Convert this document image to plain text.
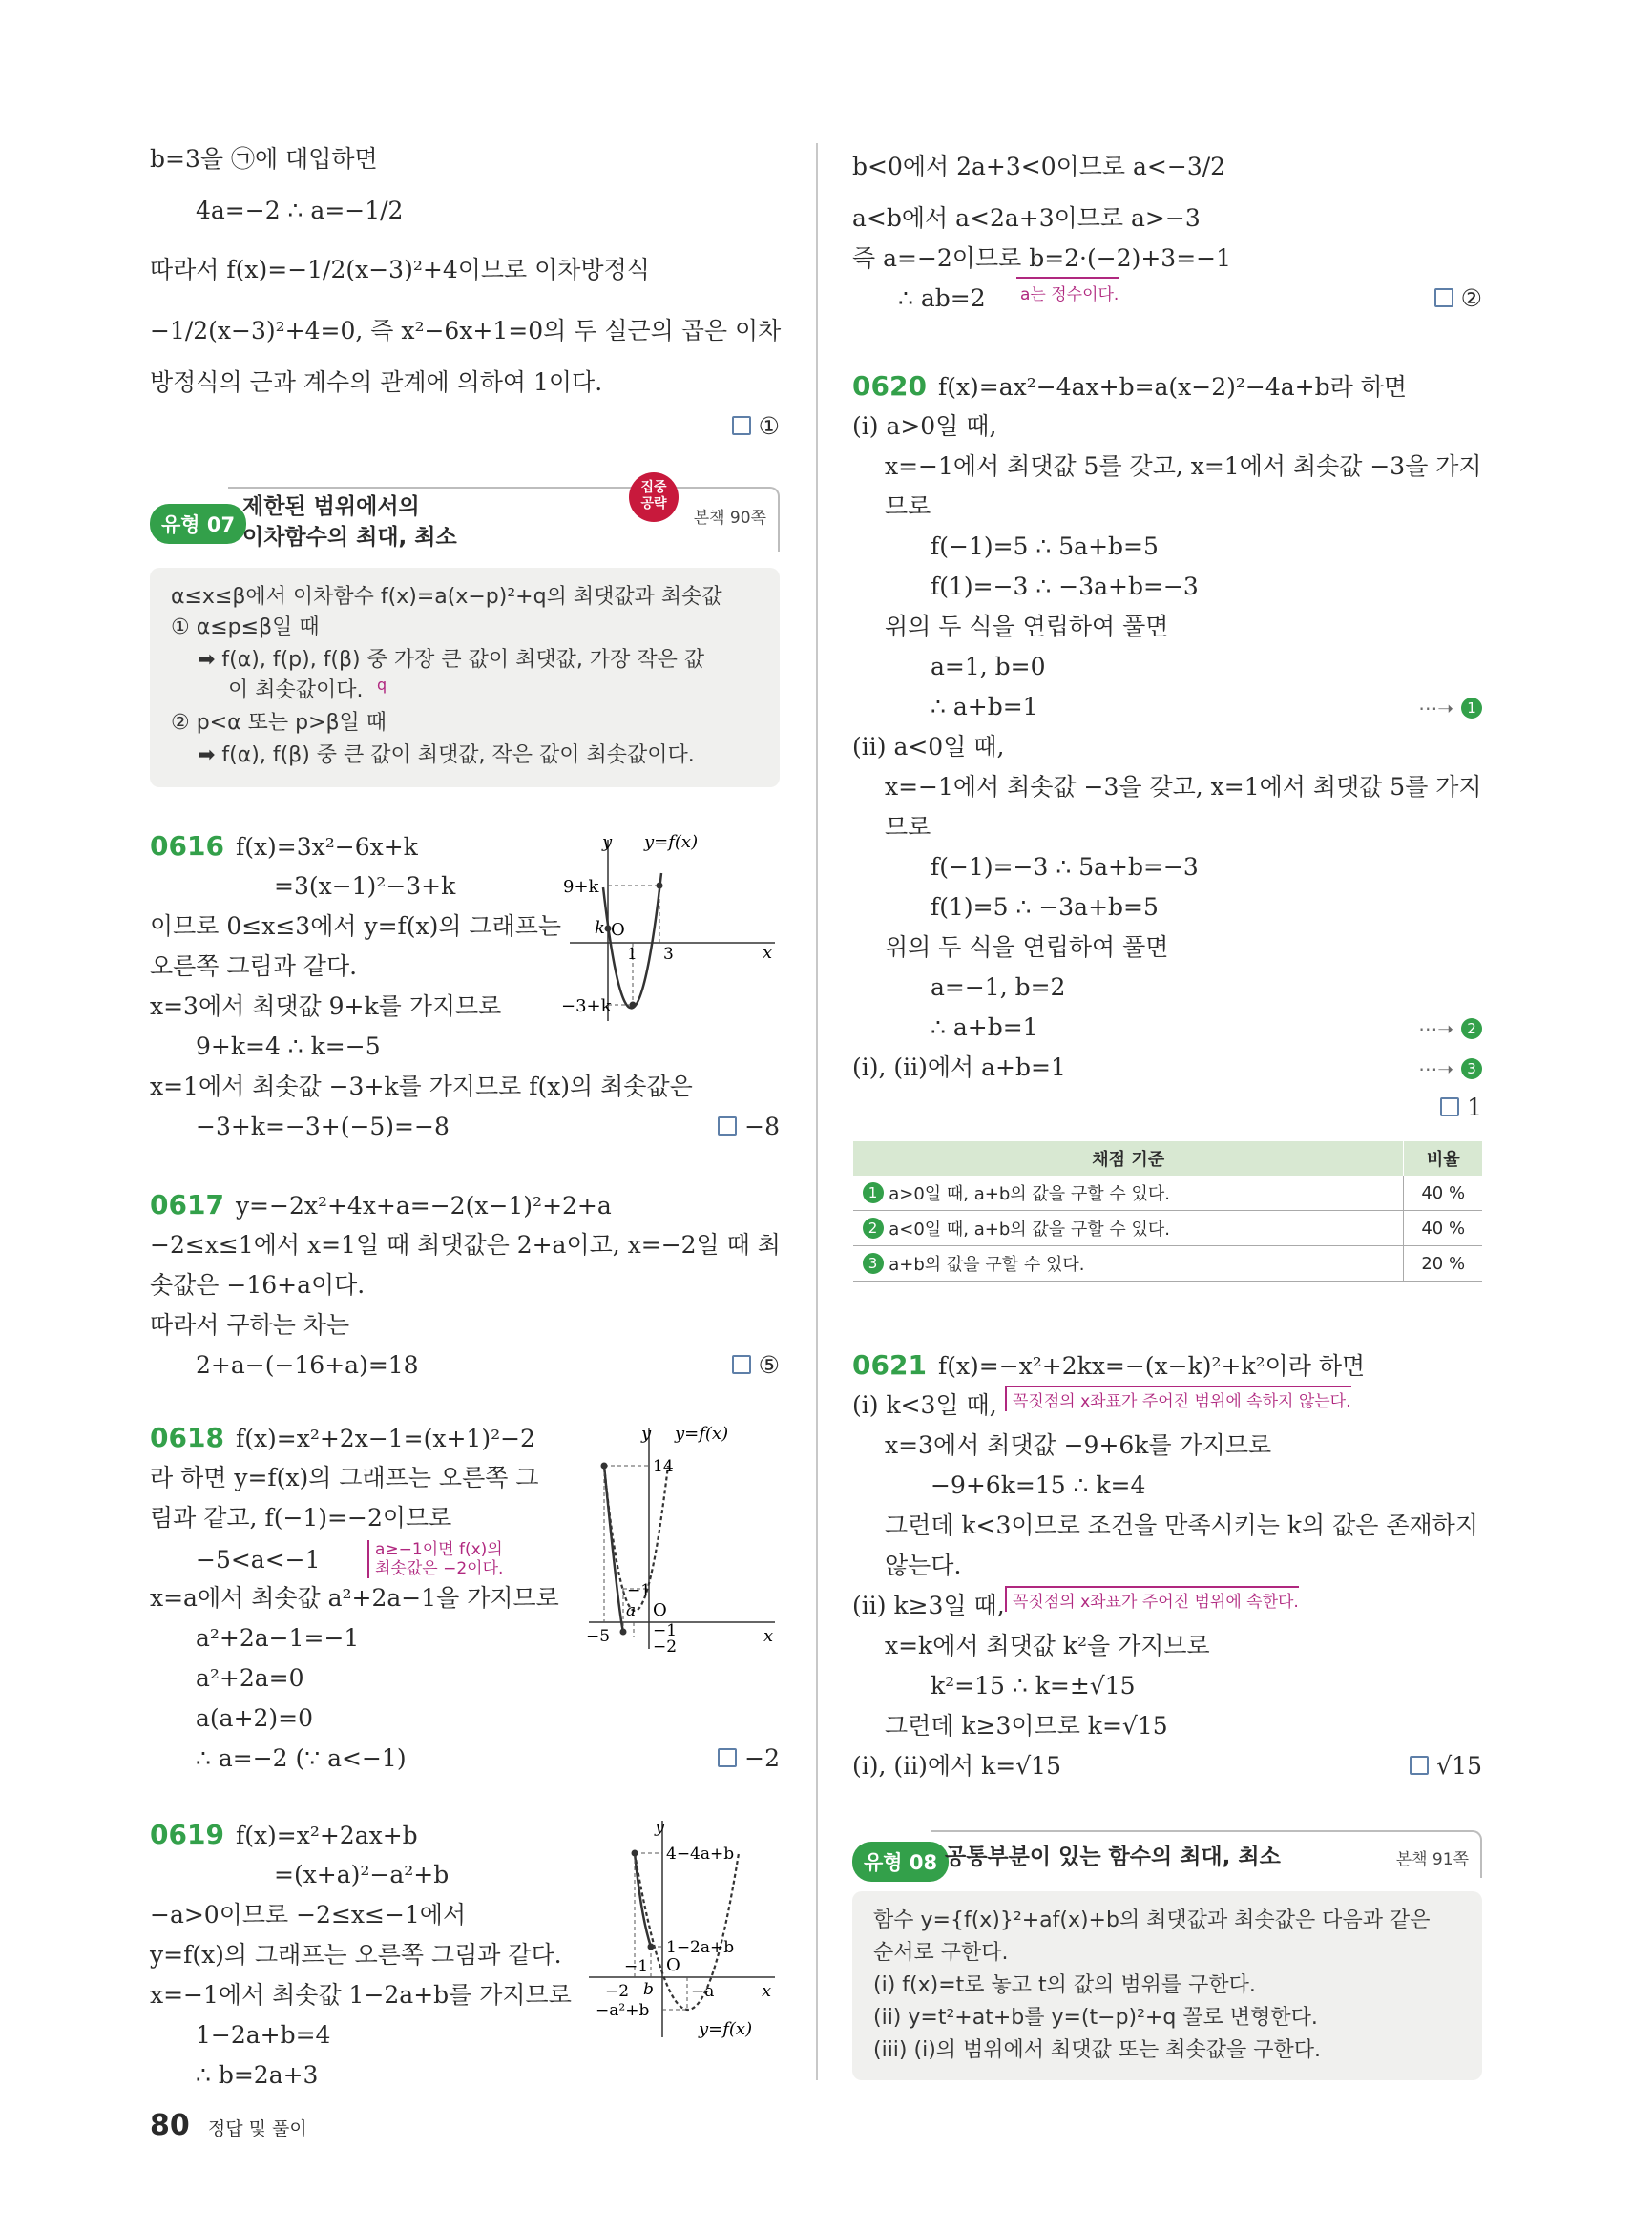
b=3을 ㉠에 대입하면
4a=−2 ∴ a=−1/2
따라서 f(x)=−1/2(x−3)²+4이므로 이차방정식
−1/2(x−3)²+4=0, 즉 x²−6x+1=0의 두 실근의 곱은 이차
방정식의 근과 계수의 관계에 의하여 1이다.
①
유형 07
제한된 범위에서의
이차함수의 최대, 최소
집중
공략
본책 90쪽
α≤x≤β에서 이차함수 f(x)=a(x−p)²+q의 최댓값과 최솟값
① α≤p≤β일 때
➡ f(α), f(p), f(β) 중 가장 큰 값이 최댓값, 가장 작은 값
이 최솟값이다. q
② p<α 또는 p>β일 때
➡ f(α), f(β) 중 큰 값이 최댓값, 작은 값이 최솟값이다.
0616 f(x)=3x²−6x+k
=3(x−1)²−3+k
이므로 0≤x≤3에서 y=f(x)의 그래프는
오른쪽 그림과 같다.
x=3에서 최댓값 9+k를 가지므로
9+k=4 ∴ k=−5
x=1에서 최솟값 −3+k를 가지므로 f(x)의 최솟값은
−3+k=−3+(−5)=−8	−8
y y=f(x)
x
O
9+k
k
−3+k
1 3
0617 y=−2x²+4x+a=−2(x−1)²+2+a
−2≤x≤1에서 x=1일 때 최댓값은 2+a이고, x=−2일 때 최
솟값은 −16+a이다.
따라서 구하는 차는
2+a−(−16+a)=18	⑤
0618 f(x)=x²+2x−1=(x+1)²−2
라 하면 y=f(x)의 그래프는 오른쪽 그
림과 같고, f(−1)=−2이므로
−5<a<−1	a≥−1이면 f(x)의
최솟값은 −2이다.
x=a에서 최솟값 a²+2a−1을 가지므로
a²+2a−1=−1
a²+2a=0
a(a+2)=0
∴ a=−2 (∵ a<−1)	−2
y y=f(x)
x
O
14
−1
−2
−5
a
−1
0619 f(x)=x²+2ax+b
=(x+a)²−a²+b
−a>0이므로 −2≤x≤−1에서
y=f(x)의 그래프는 오른쪽 그림과 같다.
x=−1에서 최솟값 1−2a+b를 가지므로
1−2a+b=4
∴ b=2a+3
y
y=f(x)
x
O
4−4a+b
1−2a+b
−a²+b
−1
−2 b −a
b<0에서 2a+3<0이므로 a<−3/2
a<b에서 a<2a+3이므로 a>−3
즉 a=−2이므로 b=2·(−2)+3=−1
∴ ab=2 a는 정수이다.	②
0620 f(x)=ax²−4ax+b=a(x−2)²−4a+b라 하면
(i) a>0일 때,
x=−1에서 최댓값 5를 갖고, x=1에서 최솟값 −3을 가지
므로
f(−1)=5 ∴ 5a+b=5
f(1)=−3 ∴ −3a+b=−3
위의 두 식을 연립하여 풀면
a=1, b=0
∴ a+b=1	⋯➝ 1
(ii) a<0일 때,
x=−1에서 최솟값 −3을 갖고, x=1에서 최댓값 5를 가지
므로
f(−1)=−3 ∴ 5a+b=−3
f(1)=5 ∴ −3a+b=5
위의 두 식을 연립하여 풀면
a=−1, b=2
∴ a+b=1	⋯➝ 2
(i), (ii)에서 a+b=1	⋯➝ 3
1
채점 기준	비율
1 a>0일 때, a+b의 값을 구할 수 있다.	40 %
2 a<0일 때, a+b의 값을 구할 수 있다.	40 %
3 a+b의 값을 구할 수 있다.	20 %
0621 f(x)=−x²+2kx=−(x−k)²+k²이라 하면
(i) k<3일 때, 꼭짓점의 x좌표가 주어진 범위에 속하지 않는다.
x=3에서 최댓값 −9+6k를 가지므로
−9+6k=15 ∴ k=4
그런데 k<3이므로 조건을 만족시키는 k의 값은 존재하지
않는다.
(ii) k≥3일 때, 꼭짓점의 x좌표가 주어진 범위에 속한다.
x=k에서 최댓값 k²을 가지므로
k²=15 ∴ k=±√15
그런데 k≥3이므로 k=√15
(i), (ii)에서 k=√15	√15
유형 08 공통부분이 있는 함수의 최대, 최소	본책 91쪽
함수 y={f(x)}²+af(x)+b의 최댓값과 최솟값은 다음과 같은
순서로 구한다.
(i) f(x)=t로 놓고 t의 값의 범위를 구한다.
(ii) y=t²+at+b를 y=(t−p)²+q 꼴로 변형한다.
(iii) (i)의 범위에서 최댓값 또는 최솟값을 구한다.
80 정답 및 풀이
